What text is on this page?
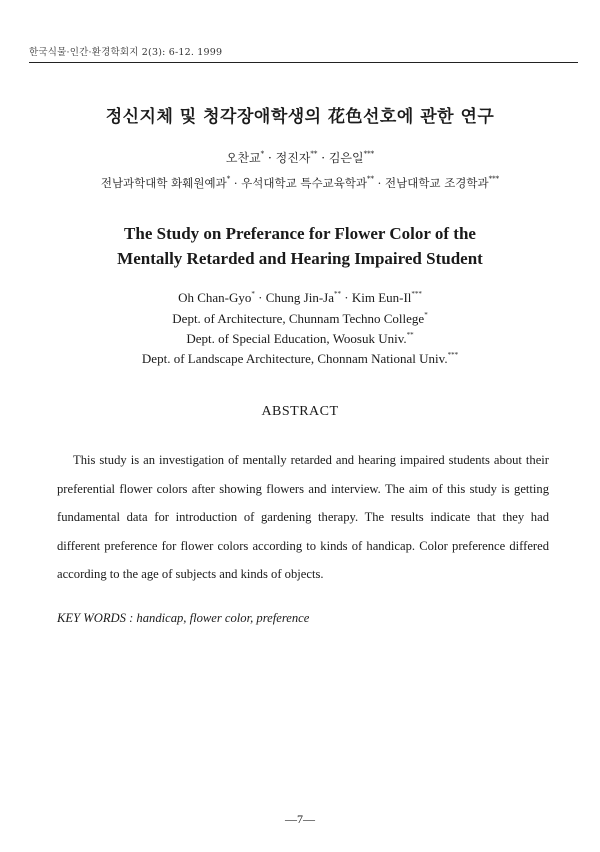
한국식물·인간·환경학회지 2(3): 6-12. 1999
정신지체 및 청각장애학생의 花色선호에 관한 연구
오찬교* · 정진자** · 김은일***
전남과학대학 화훼원예과* · 우석대학교 특수교육학과** · 전남대학교 조경학과***
The Study on Preferance for Flower Color of the
Mentally Retarded and Hearing Impaired Student
Oh Chan-Gyo* · Chung Jin-Ja** · Kim Eun-Il***
Dept. of Architecture, Chunnam Techno College*
Dept. of Special Education, Woosuk Univ.**
Dept. of Landscape Architecture, Chonnam National Univ.***
ABSTRACT
This study is an investigation of mentally retarded and hearing impaired students about their preferential flower colors after showing flowers and interview. The aim of this study is getting fundamental data for introduction of gardening therapy. The results indicate that they had different preference for flower colors according to kinds of handicap. Color preference differed according to the age of subjects and kinds of objects.
KEY WORDS : handicap, flower color, preference
—7—
